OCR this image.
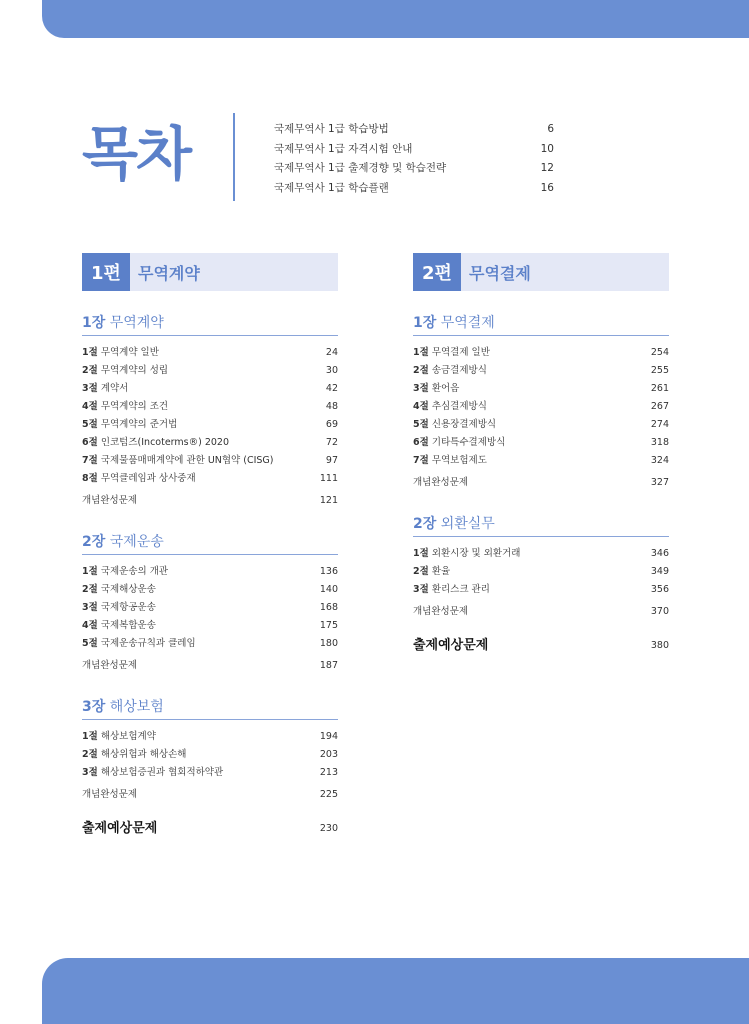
목차	국제무역사 1급 학습방법	6
국제무역사 1급 자격시험 안내	10
국제무역사 1급 출제경향 및 학습전략	12
국제무역사 1급 학습플랜	16
1편	무역계약
1장 무역계약
1절 무역계약 일반	24
2절 무역계약의 성립	30
3절 계약서	42
4절 무역계약의 조건	48
5절 무역계약의 준거법	69
6절 인코텀즈(Incoterms®) 2020	72
7절 국제물품매매계약에 관한 UN협약 (CISG)	97
8절 무역클레임과 상사중재	111
개념완성문제	121
2장 국제운송
1절 국제운송의 개관	136
2절 국제해상운송	140
3절 국제항공운송	168
4절 국제복합운송	175
5절 국제운송규칙과 클레임	180
개념완성문제	187
3장 해상보험
1절 해상보험계약	194
2절 해상위험과 해상손해	203
3절 해상보험증권과 협회적하약관	213
개념완성문제	225
출제예상문제	230
2편	무역결제
1장 무역결제
1절 무역결제 일반	254
2절 송금결제방식	255
3절 환어음	261
4절 추심결제방식	267
5절 신용장결제방식	274
6절 기타특수결제방식	318
7절 무역보험제도	324
개념완성문제	327
2장 외환실무
1절 외환시장 및 외환거래	346
2절 환율	349
3절 환리스크 관리	356
개념완성문제	370
출제예상문제	380
